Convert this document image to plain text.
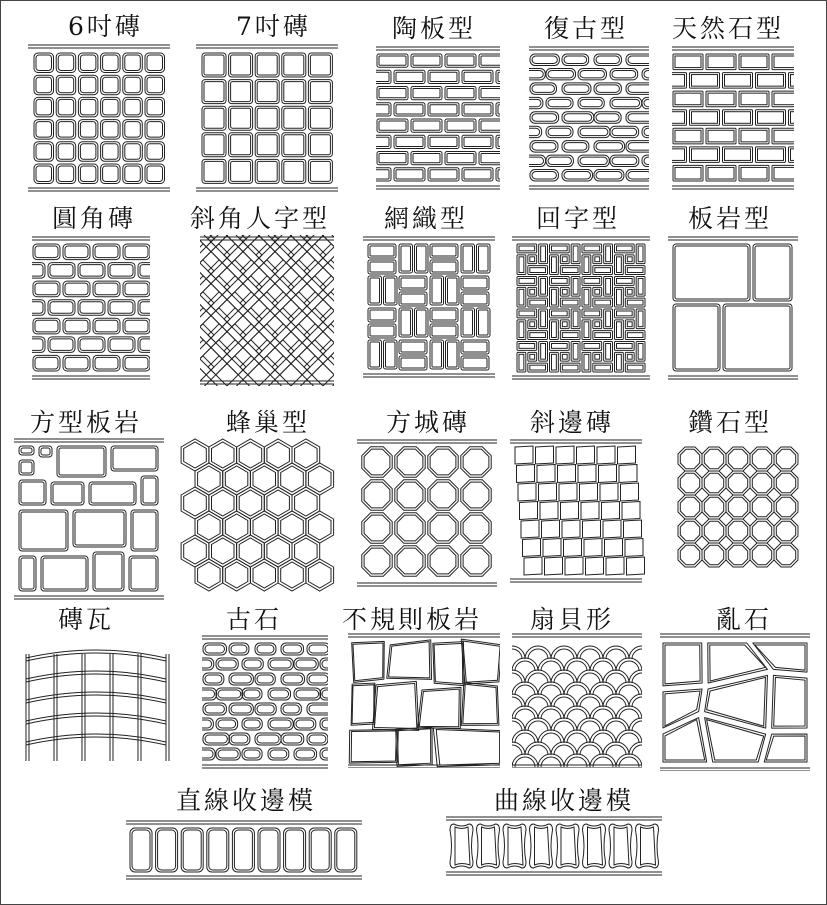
6吋磚	7吋磚	陶板型	復古型 天然石型
圓角磚 斜角人字型 網織型	回字型	板岩型
方型板岩	蜂巢型	方城磚 斜邊磚	鑽石型
磚瓦	古石 不規則板岩 扇貝形	亂石
直線收邊模	曲線收邊模
